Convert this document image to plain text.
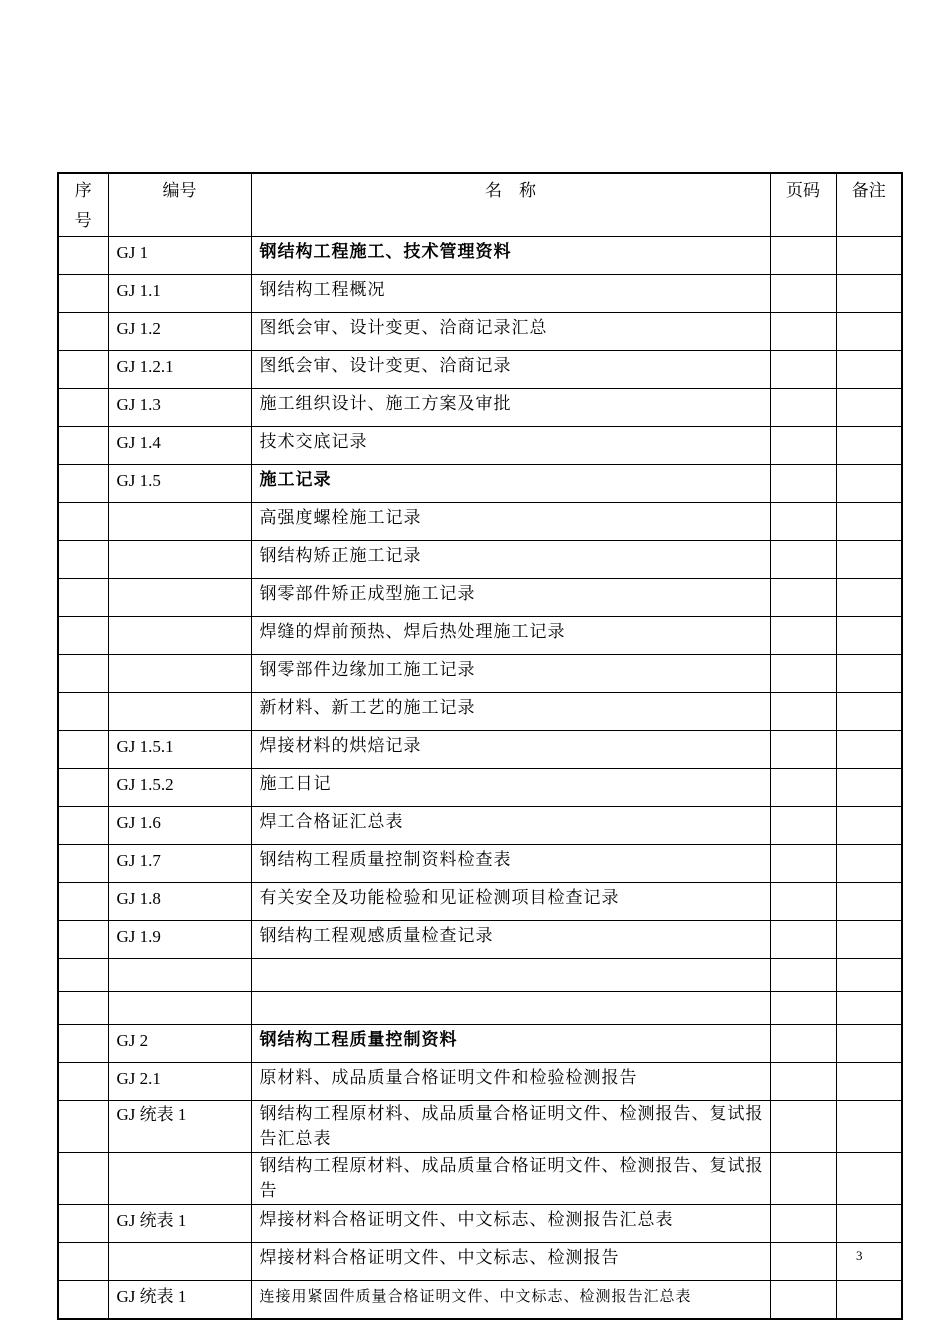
序号	编号	名　称	页码	备注
	GJ 1	钢结构工程施工、技术管理资料		
	GJ 1.1	钢结构工程概况		
	GJ 1.2	图纸会审、设计变更、洽商记录汇总		
	GJ 1.2.1	图纸会审、设计变更、洽商记录		
	GJ 1.3	施工组织设计、施工方案及审批		
	GJ 1.4	技术交底记录		
	GJ 1.5	施工记录		
		高强度螺栓施工记录		
		钢结构矫正施工记录		
		钢零部件矫正成型施工记录		
		焊缝的焊前预热、焊后热处理施工记录		
		钢零部件边缘加工施工记录		
		新材料、新工艺的施工记录		
	GJ 1.5.1	焊接材料的烘焙记录		
	GJ 1.5.2	施工日记		
	GJ 1.6	焊工合格证汇总表		
	GJ 1.7	钢结构工程质量控制资料检查表		
	GJ 1.8	有关安全及功能检验和见证检测项目检查记录		
	GJ 1.9	钢结构工程观感质量检查记录		

	GJ 2	钢结构工程质量控制资料		
	GJ 2.1	原材料、成品质量合格证明文件和检验检测报告		
	GJ 统表 1	钢结构工程原材料、成品质量合格证明文件、检测报告、复试报告汇总表		
		钢结构工程原材料、成品质量合格证明文件、检测报告、复试报告		
	GJ 统表 1	焊接材料合格证明文件、中文标志、检测报告汇总表		
		焊接材料合格证明文件、中文标志、检测报告		
	GJ 统表 1	连接用紧固件质量合格证明文件、中文标志、检测报告汇总表		
3
